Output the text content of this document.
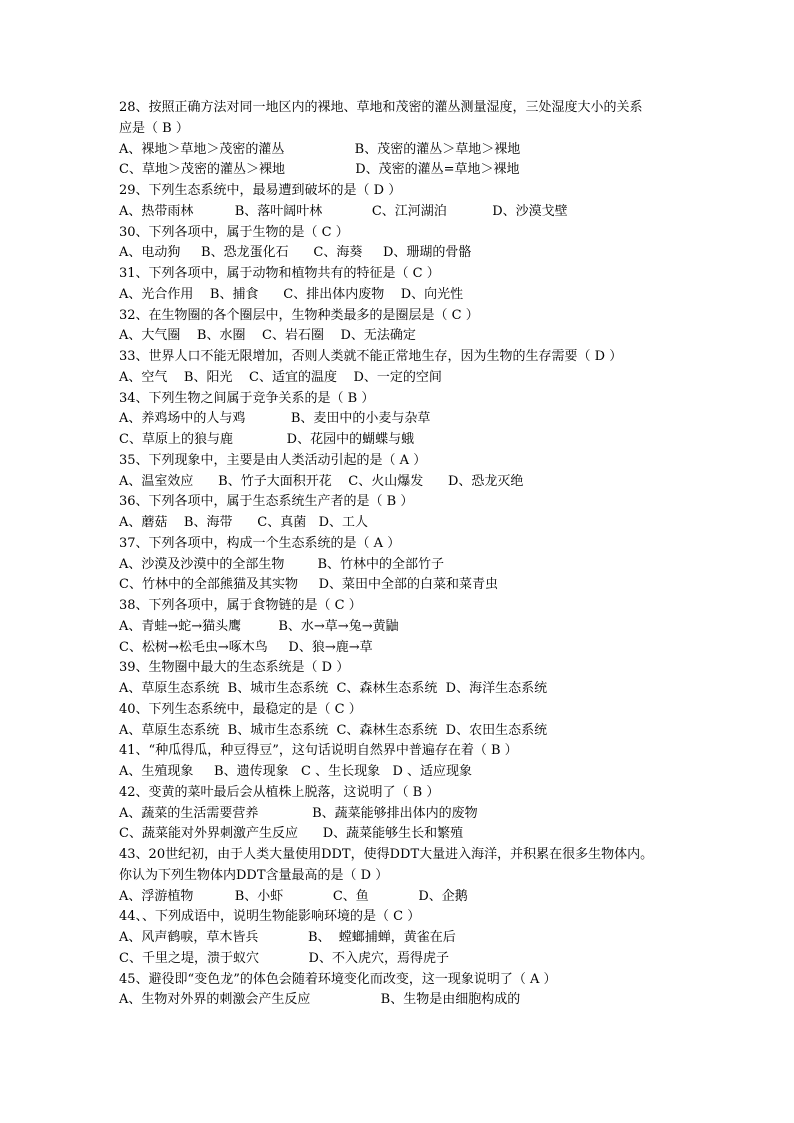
28、按照正确方法对同一地区内的裸地、草地和茂密的灌丛测量湿度，三处湿度大小的关系
应是（ B ）
A、裸地＞草地＞茂密的灌丛                 B、茂密的灌丛＞草地＞裸地
C、草地＞茂密的灌丛＞裸地                 D、茂密的灌丛=草地＞裸地
29、下列生态系统中，最易遭到破坏的是（ D ）
A、热带雨林          B、落叶阔叶林            C、江河湖泊           D、沙漠戈壁
30、下列各项中，属于生物的是（ C ）
A、电动狗     B、恐龙蛋化石      C、海葵     D、珊瑚的骨骼
31、下列各项中，属于动物和植物共有的特征是（ C ）
A、光合作用    B、捕食      C、排出体内废物    D、向光性
32、在生物圈的各个圈层中，生物种类最多的是圈层是（ C ）
A、大气圈    B、水圈    C、岩石圈    D、无法确定
33、世界人口不能无限增加，否则人类就不能正常地生存，因为生物的生存需要（ D ）
A、空气    B、阳光    C、适宜的温度    D、一定的空间
34、下列生物之间属于竞争关系的是（ B ）
A、养鸡场中的人与鸡           B、麦田中的小麦与杂草
C、草原上的狼与鹿             D、花园中的蝴蝶与蛾
35、下列现象中，主要是由人类活动引起的是（ A ）
A、温室效应      B、竹子大面积开花    C、火山爆发      D、恐龙灭绝
36、下列各项中，属于生态系统生产者的是（ B ）
A、蘑菇    B、海带      C、真菌   D、工人
37、下列各项中，构成一个生态系统的是（ A ）
A、沙漠及沙漠中的全部生物        B、竹林中的全部竹子
C、竹林中的全部熊猫及其实物     D、菜田中全部的白菜和菜青虫
38、下列各项中，属于食物链的是（ C ）
A、青蛙→蛇→猫头鹰         B、水→草→兔→黄鼬
C、松树→松毛虫→啄木鸟     D、狼→鹿→草
39、生物圈中最大的生态系统是（ D ）
A、草原生态系统  B、城市生态系统  C、森林生态系统  D、海洋生态系统
40、下列生态系统中，最稳定的是（ C ）
A、草原生态系统  B、城市生态系统  C、森林生态系统  D、农田生态系统
41、“种瓜得瓜，种豆得豆”，这句话说明自然界中普遍存在着（ B ）
A、生殖现象     B、遗传现象   C 、生长现象   D 、适应现象
42、变黄的菜叶最后会从植株上脱落，这说明了（ B ）
A、蔬菜的生活需要营养             B、蔬菜能够排出体内的废物
C、蔬菜能对外界刺激产生反应      D、蔬菜能够生长和繁殖
43、20世纪初，由于人类大量使用DDT，使得DDT大量进入海洋，并积累在很多生物体内。
你认为下列生物体内DDT含量最高的是（ D ）
A、浮游植物          B、小虾            C、鱼            D、企鹅
44、、下列成语中，说明生物能影响环境的是（ C ）
A、风声鹤唳，草木皆兵            B、  螳螂捕蝉，黄雀在后
C、千里之堤，溃于蚁穴            D、不入虎穴，焉得虎子
45、避役即“变色龙”的体色会随着环境变化而改变，这一现象说明了（ A ）
A、生物对外界的刺激会产生反应                 B、生物是由细胞构成的
